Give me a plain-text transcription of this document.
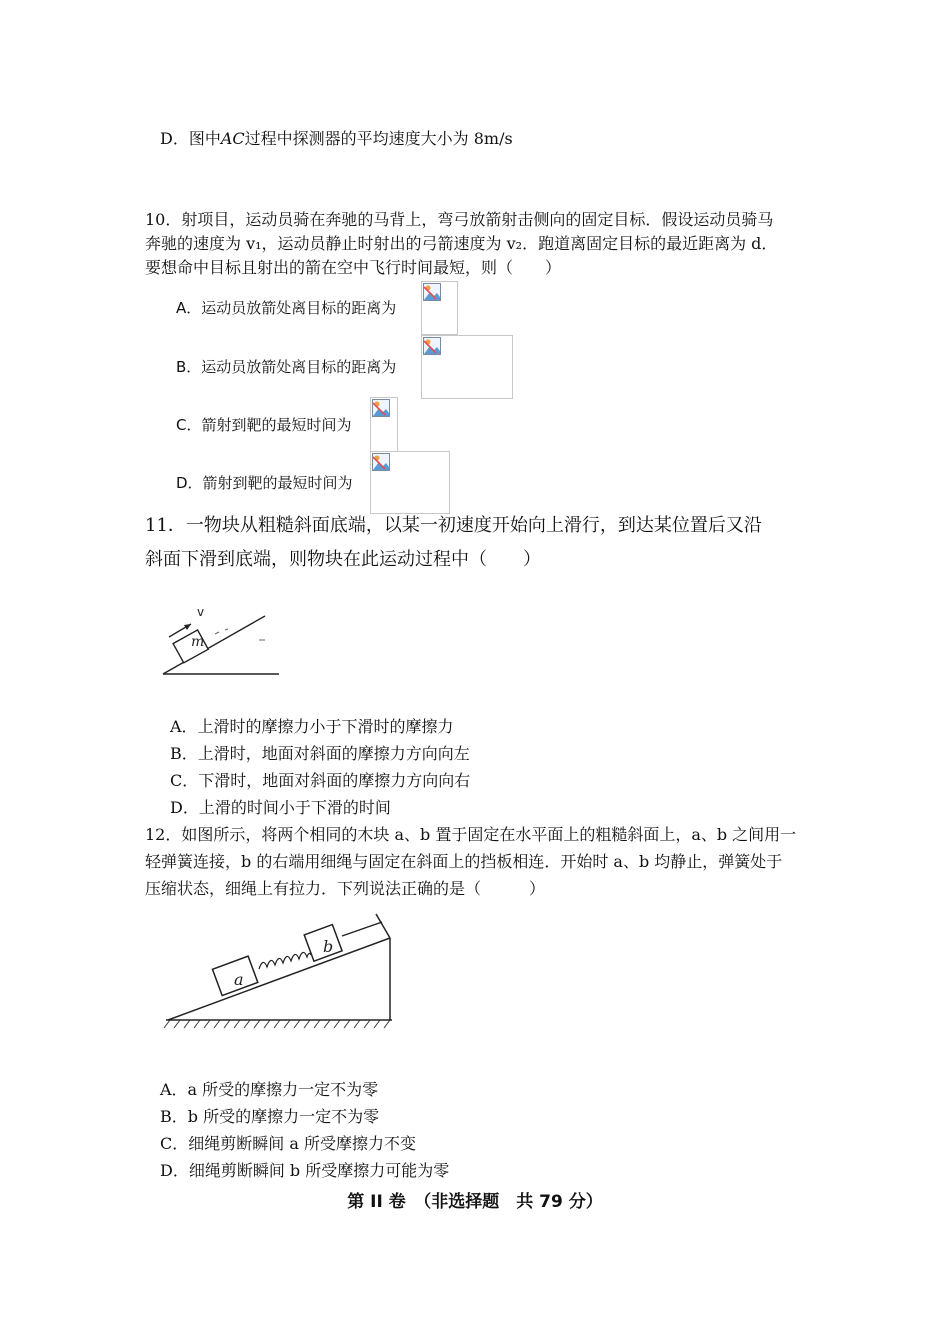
D．图中AC过程中探测器的平均速度大小为 8m/s
10．射项目，运动员骑在奔驰的马背上，弯弓放箭射击侧向的固定目标．假设运动员骑马
奔驰的速度为 v₁，运动员静止时射出的弓箭速度为 v₂．跑道离固定目标的最近距离为 d．
要想命中目标且射出的箭在空中飞行时间最短，则（　　）
A．运动员放箭处离目标的距离为
B．运动员放箭处离目标的距离为
C．箭射到靶的最短时间为
D．箭射到靶的最短时间为
11．一物块从粗糙斜面底端，以某一初速度开始向上滑行，到达某位置后又沿
斜面下滑到底端，则物块在此运动过程中（　　）
m
v
A．上滑时的摩擦力小于下滑时的摩擦力
B．上滑时，地面对斜面的摩擦力方向向左
C．下滑时，地面对斜面的摩擦力方向向右
D．上滑的时间小于下滑的时间
12．如图所示，将两个相同的木块 a、b 置于固定在水平面上的粗糙斜面上，a、b 之间用一
轻弹簧连接，b 的右端用细绳与固定在斜面上的挡板相连．开始时 a、b 均静止，弹簧处于
压缩状态，细绳上有拉力．下列说法正确的是（　　　）
a
b
A．a 所受的摩擦力一定不为零
B．b 所受的摩擦力一定不为零
C．细绳剪断瞬间 a 所受摩擦力不变
D．细绳剪断瞬间 b 所受摩擦力可能为零
第 II 卷　（非选择题　共 79 分）
